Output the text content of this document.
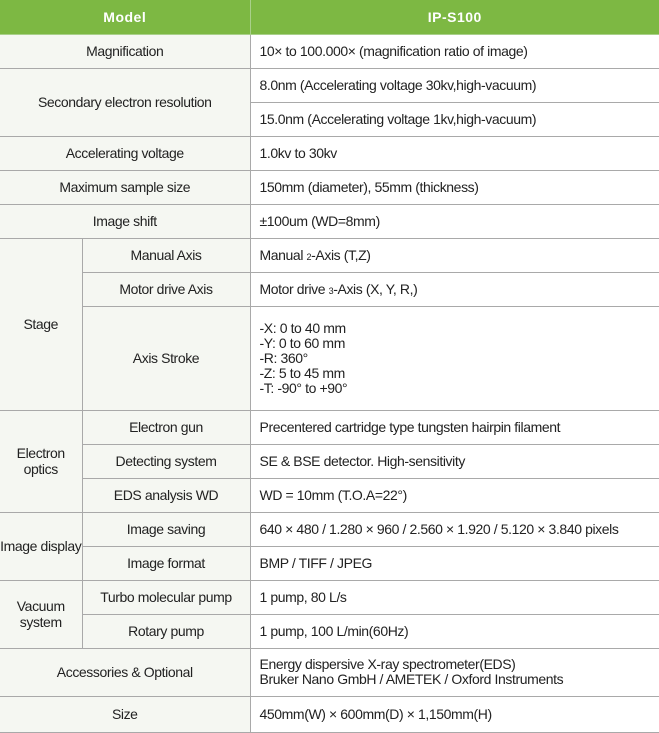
Model		IP-S100
Magnification		10× to 100.000× (magnification ratio of image)
Secondary electron resolution		8.0nm (Accelerating voltage 30kv,high-vacuum)
		15.0nm (Accelerating voltage 1kv,high-vacuum)
Accelerating voltage		1.0kv to 30kv
Maximum sample size		150mm (diameter), 55mm (thickness)
Image shift		±100um (WD=8mm)
Stage	Manual Axis	Manual 2-Axis (T,Z)
	Motor drive Axis	Motor drive 3-Axis (X, Y, R,)
	Axis Stroke	-X: 0 to 40 mm
-Y: 0 to 60 mm
-R: 360°
-Z: 5 to 45 mm
-T: -90° to +90°

Electron optics	Electron gun	Precentered cartridge type tungsten hairpin filament
	Detecting system	SE & BSE detector. High-sensitivity
	EDS analysis WD	WD = 10mm (T.O.A=22°)
Image display	Image saving	640 × 480 / 1.280 × 960 / 2.560 × 1.920 / 5.120 × 3.840 pixels
	Image format	BMP / TIFF / JPEG
Vacuum system	Turbo molecular pump	1 pump, 80 L/s
	Rotary pump	1 pump, 100 L/min(60Hz)
Accessories & Optional		Energy dispersive X-ray spectrometer(EDS)
Bruker Nano GmbH / AMETEK / Oxford Instruments

Size		450mm(W) × 600mm(D) × 1,150mm(H)
